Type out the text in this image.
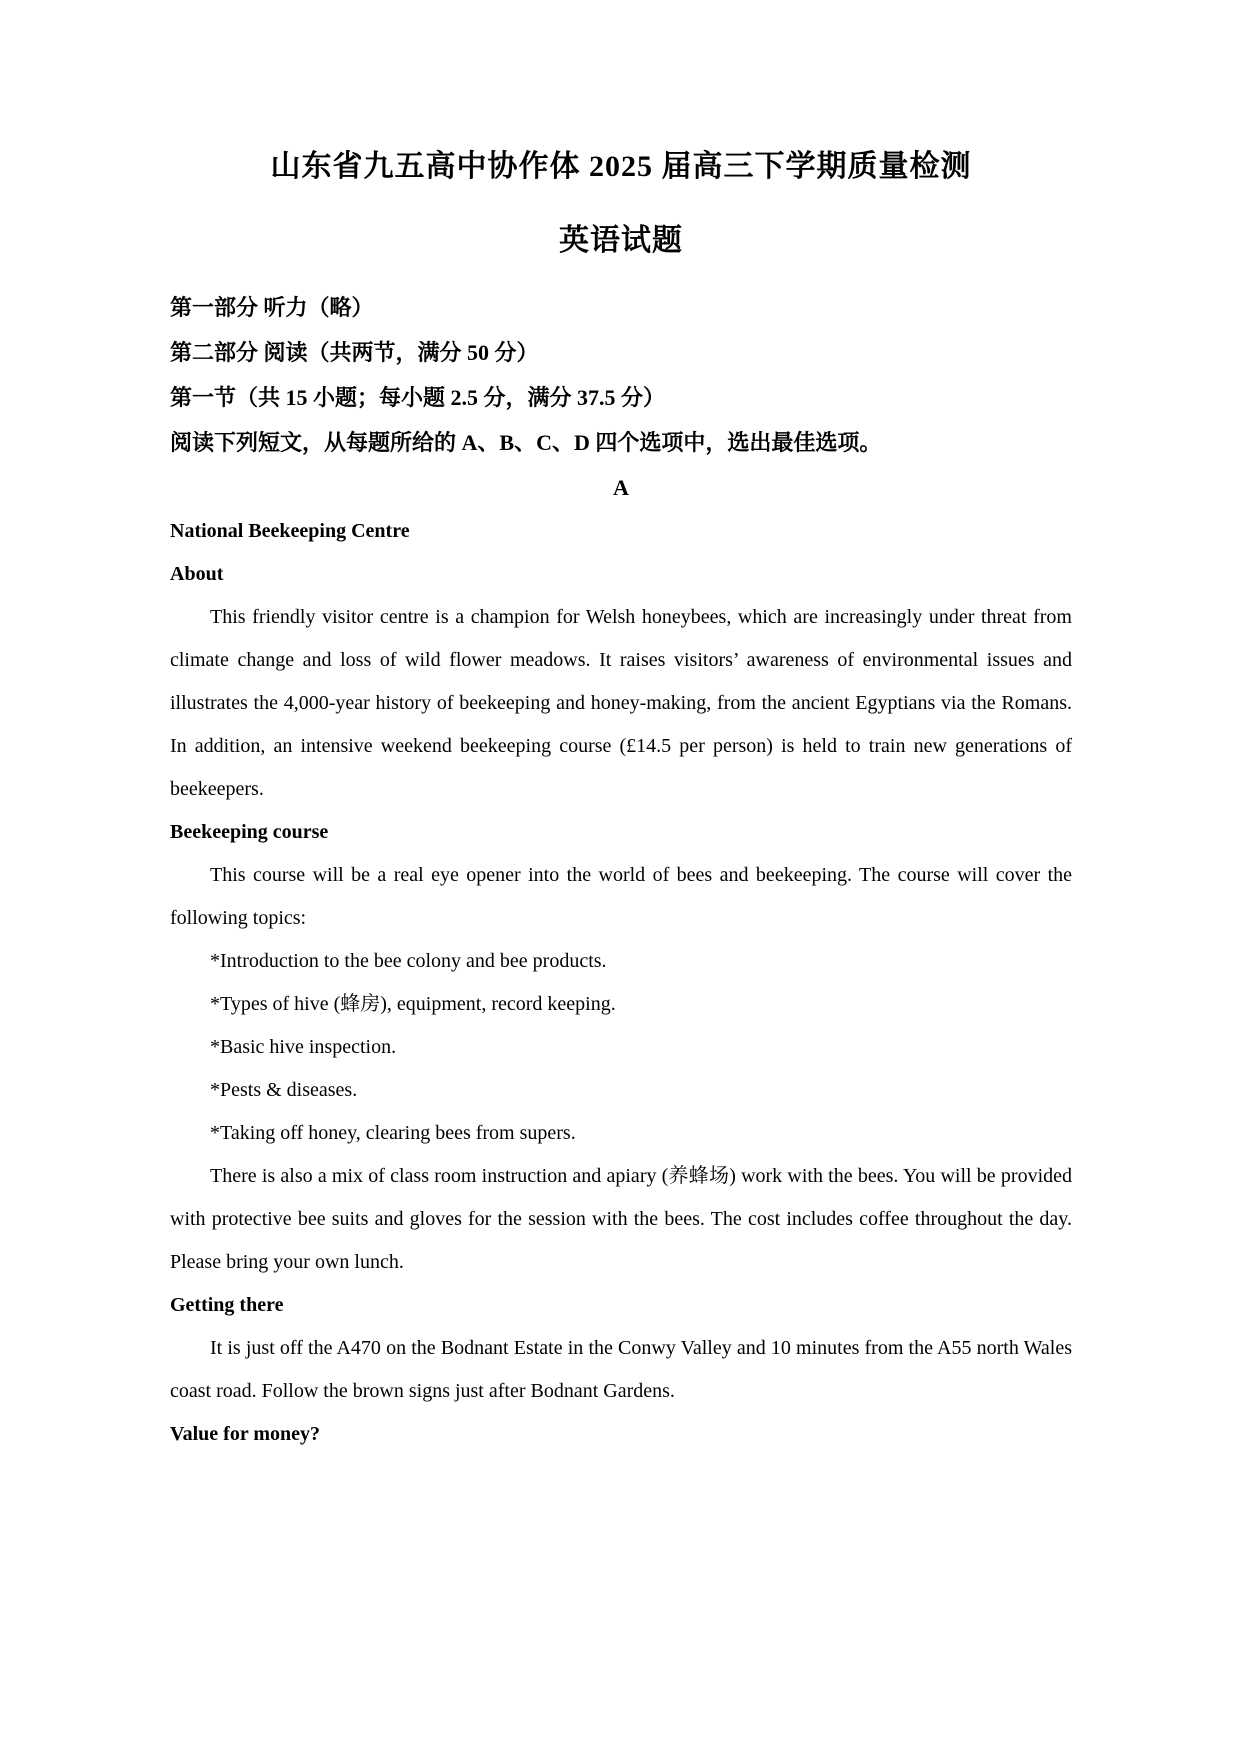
山东省九五高中协作体 2025 届高三下学期质量检测
英语试题

第一部分 听力（略）

第二部分 阅读（共两节，满分 50 分）

第一节（共 15 小题；每小题 2.5 分，满分 37.5 分）

阅读下列短文，从每题所给的 A、B、C、D 四个选项中，选出最佳选项。

A

National Beekeeping Centre

About

This friendly visitor centre is a champion for Welsh honeybees, which are increasingly under threat from climate change and loss of wild flower meadows. It raises visitors’ awareness of environmental issues and illustrates the 4,000-year history of beekeeping and honey-making, from the ancient Egyptians via the Romans. In addition, an intensive weekend beekeeping course (£14.5 per person) is held to train new generations of beekeepers.

Beekeeping course

This course will be a real eye opener into the world of bees and beekeeping. The course will cover the following topics:

*Introduction to the bee colony and bee products.
*Types of hive (蜂房), equipment, record keeping.
*Basic hive inspection.
*Pests & diseases.
*Taking off honey, clearing bees from supers.

There is also a mix of class room instruction and apiary (养蜂场) work with the bees. You will be provided with protective bee suits and gloves for the session with the bees. The cost includes coffee throughout the day. Please bring your own lunch.

Getting there

It is just off the A470 on the Bodnant Estate in the Conwy Valley and 10 minutes from the A55 north Wales coast road. Follow the brown signs just after Bodnant Gardens.

Value for money?
